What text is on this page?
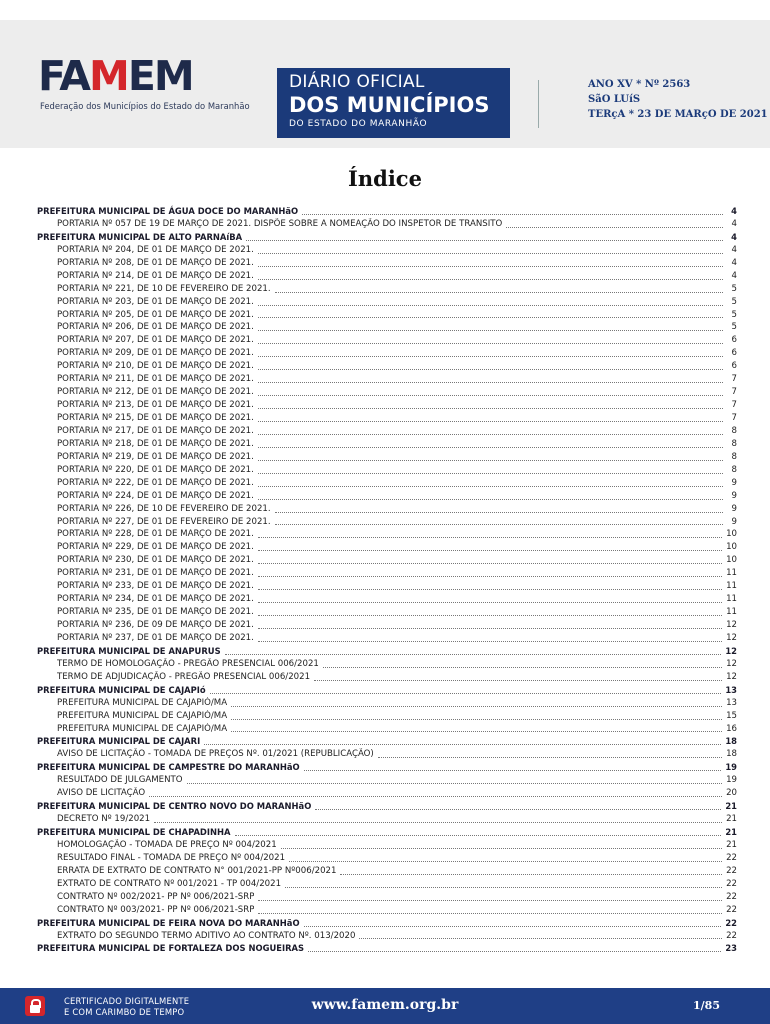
FAMEM
Federação dos Municípios do Estado do Maranhão
DIÁRIO OFICIAL
DOS MUNICÍPIOS
DO ESTADO DO MARANHÃO
ANO XV * Nº 2563
SãO LUíS
TERçA * 23 DE MARçO DE 2021
Índice
PREFEITURA MUNICIPAL DE ÁGUA DOCE DO MARANHãO	4
PORTARIA Nº 057 DE 19 DE MARÇO DE 2021. DISPÕE SOBRE A NOMEAÇÃO DO INSPETOR DE TRANSITO	4
PREFEITURA MUNICIPAL DE ALTO PARNAíBA	4
PORTARIA Nº 204, DE 01 DE MARÇO DE 2021.	4
PORTARIA Nº 208, DE 01 DE MARÇO DE 2021.	4
PORTARIA Nº 214, DE 01 DE MARÇO DE 2021.	4
PORTARIA Nº 221, DE 10 DE FEVEREIRO DE 2021.	5
PORTARIA Nº 203, DE 01 DE MARÇO DE 2021.	5
PORTARIA Nº 205, DE 01 DE MARÇO DE 2021.	5
PORTARIA Nº 206, DE 01 DE MARÇO DE 2021.	5
PORTARIA Nº 207, DE 01 DE MARÇO DE 2021.	6
PORTARIA Nº 209, DE 01 DE MARÇO DE 2021.	6
PORTARIA Nº 210, DE 01 DE MARÇO DE 2021.	6
PORTARIA Nº 211, DE 01 DE MARÇO DE 2021.	7
PORTARIA Nº 212, DE 01 DE MARÇO DE 2021.	7
PORTARIA Nº 213, DE 01 DE MARÇO DE 2021.	7
PORTARIA Nº 215, DE 01 DE MARÇO DE 2021.	7
PORTARIA Nº 217, DE 01 DE MARÇO DE 2021.	8
PORTARIA Nº 218, DE 01 DE MARÇO DE 2021.	8
PORTARIA Nº 219, DE 01 DE MARÇO DE 2021.	8
PORTARIA Nº 220, DE 01 DE MARÇO DE 2021.	8
PORTARIA Nº 222, DE 01 DE MARÇO DE 2021.	9
PORTARIA Nº 224, DE 01 DE MARÇO DE 2021.	9
PORTARIA Nº 226, DE 10 DE FEVEREIRO DE 2021.	9
PORTARIA Nº 227, DE 01 DE FEVEREIRO DE 2021.	9
PORTARIA Nº 228, DE 01 DE MARÇO DE 2021.	10
PORTARIA Nº 229, DE 01 DE MARÇO DE 2021.	10
PORTARIA Nº 230, DE 01 DE MARÇO DE 2021.	10
PORTARIA Nº 231, DE 01 DE MARÇO DE 2021.	11
PORTARIA Nº 233, DE 01 DE MARÇO DE 2021.	11
PORTARIA Nº 234, DE 01 DE MARÇO DE 2021.	11
PORTARIA Nº 235, DE 01 DE MARÇO DE 2021.	11
PORTARIA Nº 236, DE 09 DE MARÇO DE 2021.	12
PORTARIA Nº 237, DE 01 DE MARÇO DE 2021.	12
PREFEITURA MUNICIPAL DE ANAPURUS	12
TERMO DE HOMOLOGAÇÃO - PREGÃO PRESENCIAL 006/2021	12
TERMO DE ADJUDICAÇÃO - PREGÃO PRESENCIAL 006/2021	12
PREFEITURA MUNICIPAL DE CAJAPIó	13
PREFEITURA MUNICIPAL DE CAJAPIÓ/MA	13
PREFEITURA MUNICIPAL DE CAJAPIÓ/MA	15
PREFEITURA MUNICIPAL DE CAJAPIÓ/MA	16
PREFEITURA MUNICIPAL DE CAJARI	18
AVISO DE LICITAÇÃO - TOMADA DE PREÇOS Nº. 01/2021 (REPUBLICAÇÃO)	18
PREFEITURA MUNICIPAL DE CAMPESTRE DO MARANHãO	19
RESULTADO DE JULGAMENTO	19
AVISO DE LICITAÇÃO	20
PREFEITURA MUNICIPAL DE CENTRO NOVO DO MARANHãO	21
DECRETO Nº 19/2021	21
PREFEITURA MUNICIPAL DE CHAPADINHA	21
HOMOLOGAÇÃO - TOMADA DE PREÇO Nº 004/2021	21
RESULTADO FINAL - TOMADA DE PREÇO Nº 004/2021	22
ERRATA DE EXTRATO DE CONTRATO N° 001/2021-PP Nº006/2021	22
EXTRATO DE CONTRATO Nº 001/2021 - TP 004/2021	22
CONTRATO Nº 002/2021- PP Nº 006/2021-SRP	22
CONTRATO Nº 003/2021- PP Nº 006/2021-SRP	22
PREFEITURA MUNICIPAL DE FEIRA NOVA DO MARANHãO	22
EXTRATO DO SEGUNDO TERMO ADITIVO AO CONTRATO Nº. 013/2020	22
PREFEITURA MUNICIPAL DE FORTALEZA DOS NOGUEIRAS	23
CERTIFICADO DIGITALMENTE
E COM CARIMBO DE TEMPO	www.famem.org.br	1/85
